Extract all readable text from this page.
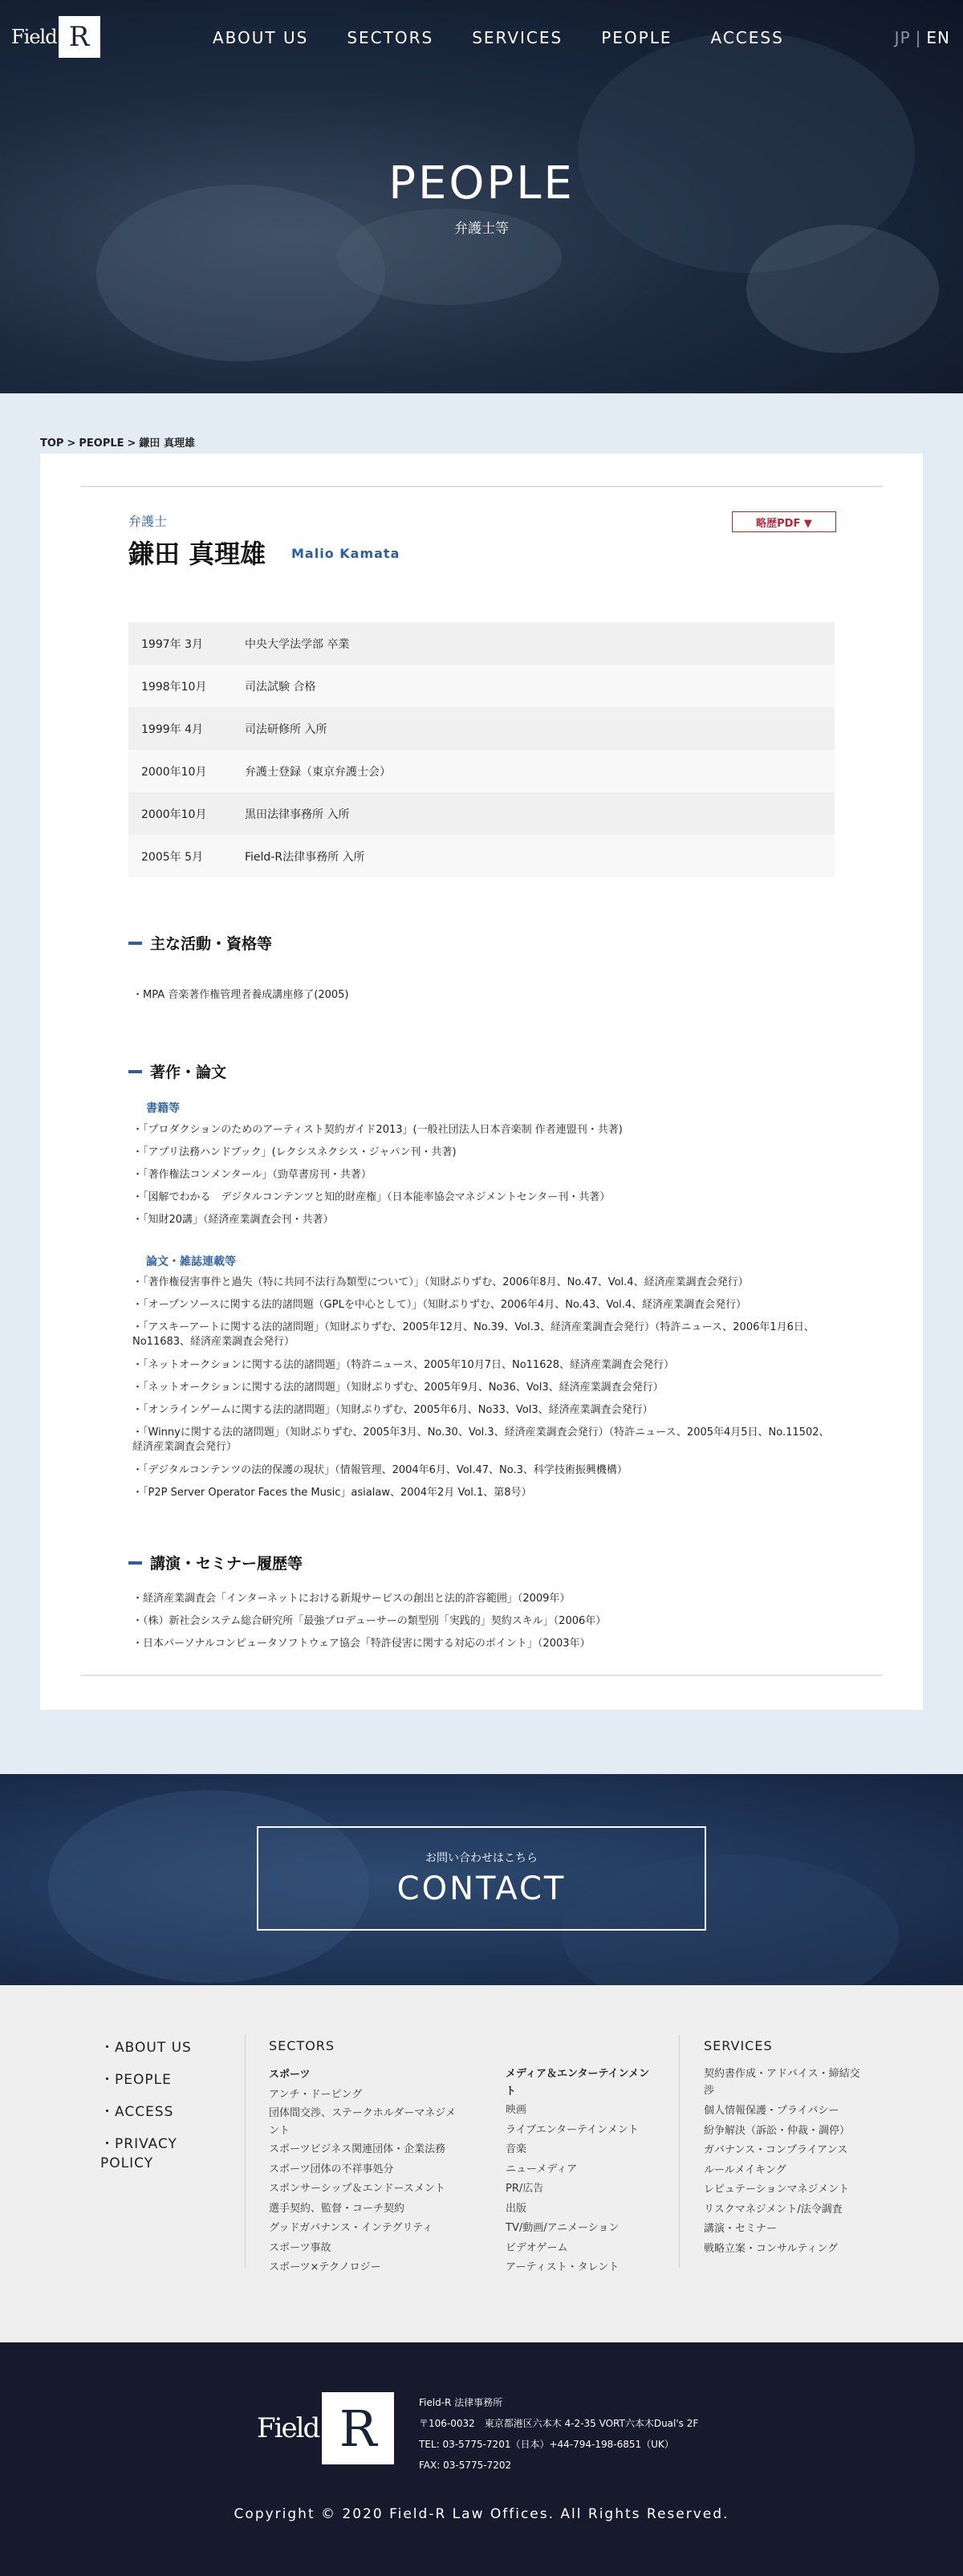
Field R	ABOUT US SECTORS SERVICES PEOPLE ACCESS	JP | EN
PEOPLE
弁護士等
TOP > PEOPLE > 鎌田 真理雄
弁護士
鎌田 真理雄 Malio Kamata
略歴PDF ▼
1997年 3月	中央大学法学部 卒業
1998年10月	司法試験 合格
1999年 4月	司法研修所 入所
2000年10月	弁護士登録（東京弁護士会）
2000年10月	黒田法律事務所 入所
2005年 5月	Field-R法律事務所 入所
主な活動・資格等
・MPA 音楽著作権管理者養成講座修了(2005)
著作・論文
書籍等
・「プロダクションのためのアーティスト契約ガイド2013」(一般社団法人日本音楽制 作者連盟刊・共著)
・「アプリ法務ハンドブック」(レクシスネクシス・ジャパン刊・共著)
・「著作権法コンメンタール」（勁草書房刊・共著）
・「図解でわかる　デジタルコンテンツと知的財産権」（日本能率協会マネジメントセンター刊・共著）
・「知財20講」（経済産業調査会刊・共著）
論文・雑誌連載等
・「著作権侵害事件と過失（特に共同不法行為類型について）」（知財ぷりずむ、2006年8月、No.47、Vol.4、経済産業調査会発行）
・「オープンソースに関する法的諸問題（GPLを中心として）」（知財ぷりずむ、2006年4月、No.43、Vol.4、経済産業調査会発行）
・「アスキーアートに関する法的諸問題」（知財ぷりずむ、2005年12月、No.39、Vol.3、経済産業調査会発行）（特許ニュース、2006年1月6日、No11683、経済産業調査会発行）
・「ネットオークションに関する法的諸問題」（特許ニュース、2005年10月7日、No11628、経済産業調査会発行）
・「ネットオークションに関する法的諸問題」（知財ぷりずむ、2005年9月、No36、Vol3、経済産業調査会発行）
・「オンラインゲームに関する法的諸問題」（知財ぷりずむ、2005年6月、No33、Vol3、経済産業調査会発行）
・「Winnyに関する法的諸問題」（知財ぷりずむ、2005年3月、No.30、Vol.3、経済産業調査会発行）（特許ニュース、2005年4月5日、No.11502、経済産業調査会発行）
・「デジタルコンテンツの法的保護の現状」（情報管理、2004年6月、Vol.47、No.3、科学技術振興機構）
・「P2P Server Operator Faces the Music」asialaw、2004年2月 Vol.1、第8号）
講演・セミナー履歴等
・経済産業調査会「インターネットにおける新規サービスの創出と法的許容範囲」（2009年）
・（株）新社会システム総合研究所「最強プロデューサーの類型別「実践的」契約スキル」（2006年）
・日本パーソナルコンピュータソフトウェア協会「特許侵害に関する対応のポイント」（2003年）
お問い合わせはこちら
CONTACT
・ABOUT US
・PEOPLE
・ACCESS
・PRIVACY POLICY
SECTORS
スポーツ
アンチ・ドーピング
団体間交渉、ステークホルダーマネジメント
スポーツビジネス関連団体・企業法務
スポーツ団体の不祥事処分
スポンサーシップ＆エンドースメント
選手契約、監督・コーチ契約
グッドガバナンス・インテグリティ
スポーツ事故
スポーツ×テクノロジー
メディア＆エンターテインメント
映画
ライブエンターテインメント
音楽
ニューメディア
PR/広告
出版
TV/動画/アニメーション
ビデオゲーム
アーティスト・タレント
SERVICES
契約書作成・アドバイス・締結交渉
個人情報保護・プライバシー
紛争解決（訴訟・仲裁・調停）
ガバナンス・コンプライアンス
ルールメイキング
レピュテーションマネジメント
リスクマネジメント/法令調査
講演・セミナー
戦略立案・コンサルティング
Field R	Field-R 法律事務所
〒106-0032　東京都港区六本木 4-2-35 VORT六本木Dual's 2F
TEL: 03-5775-7201（日本）+44-794-198-6851（UK）
FAX: 03-5775-7202
Copyright © 2020 Field-R Law Offices. All Rights Reserved.
